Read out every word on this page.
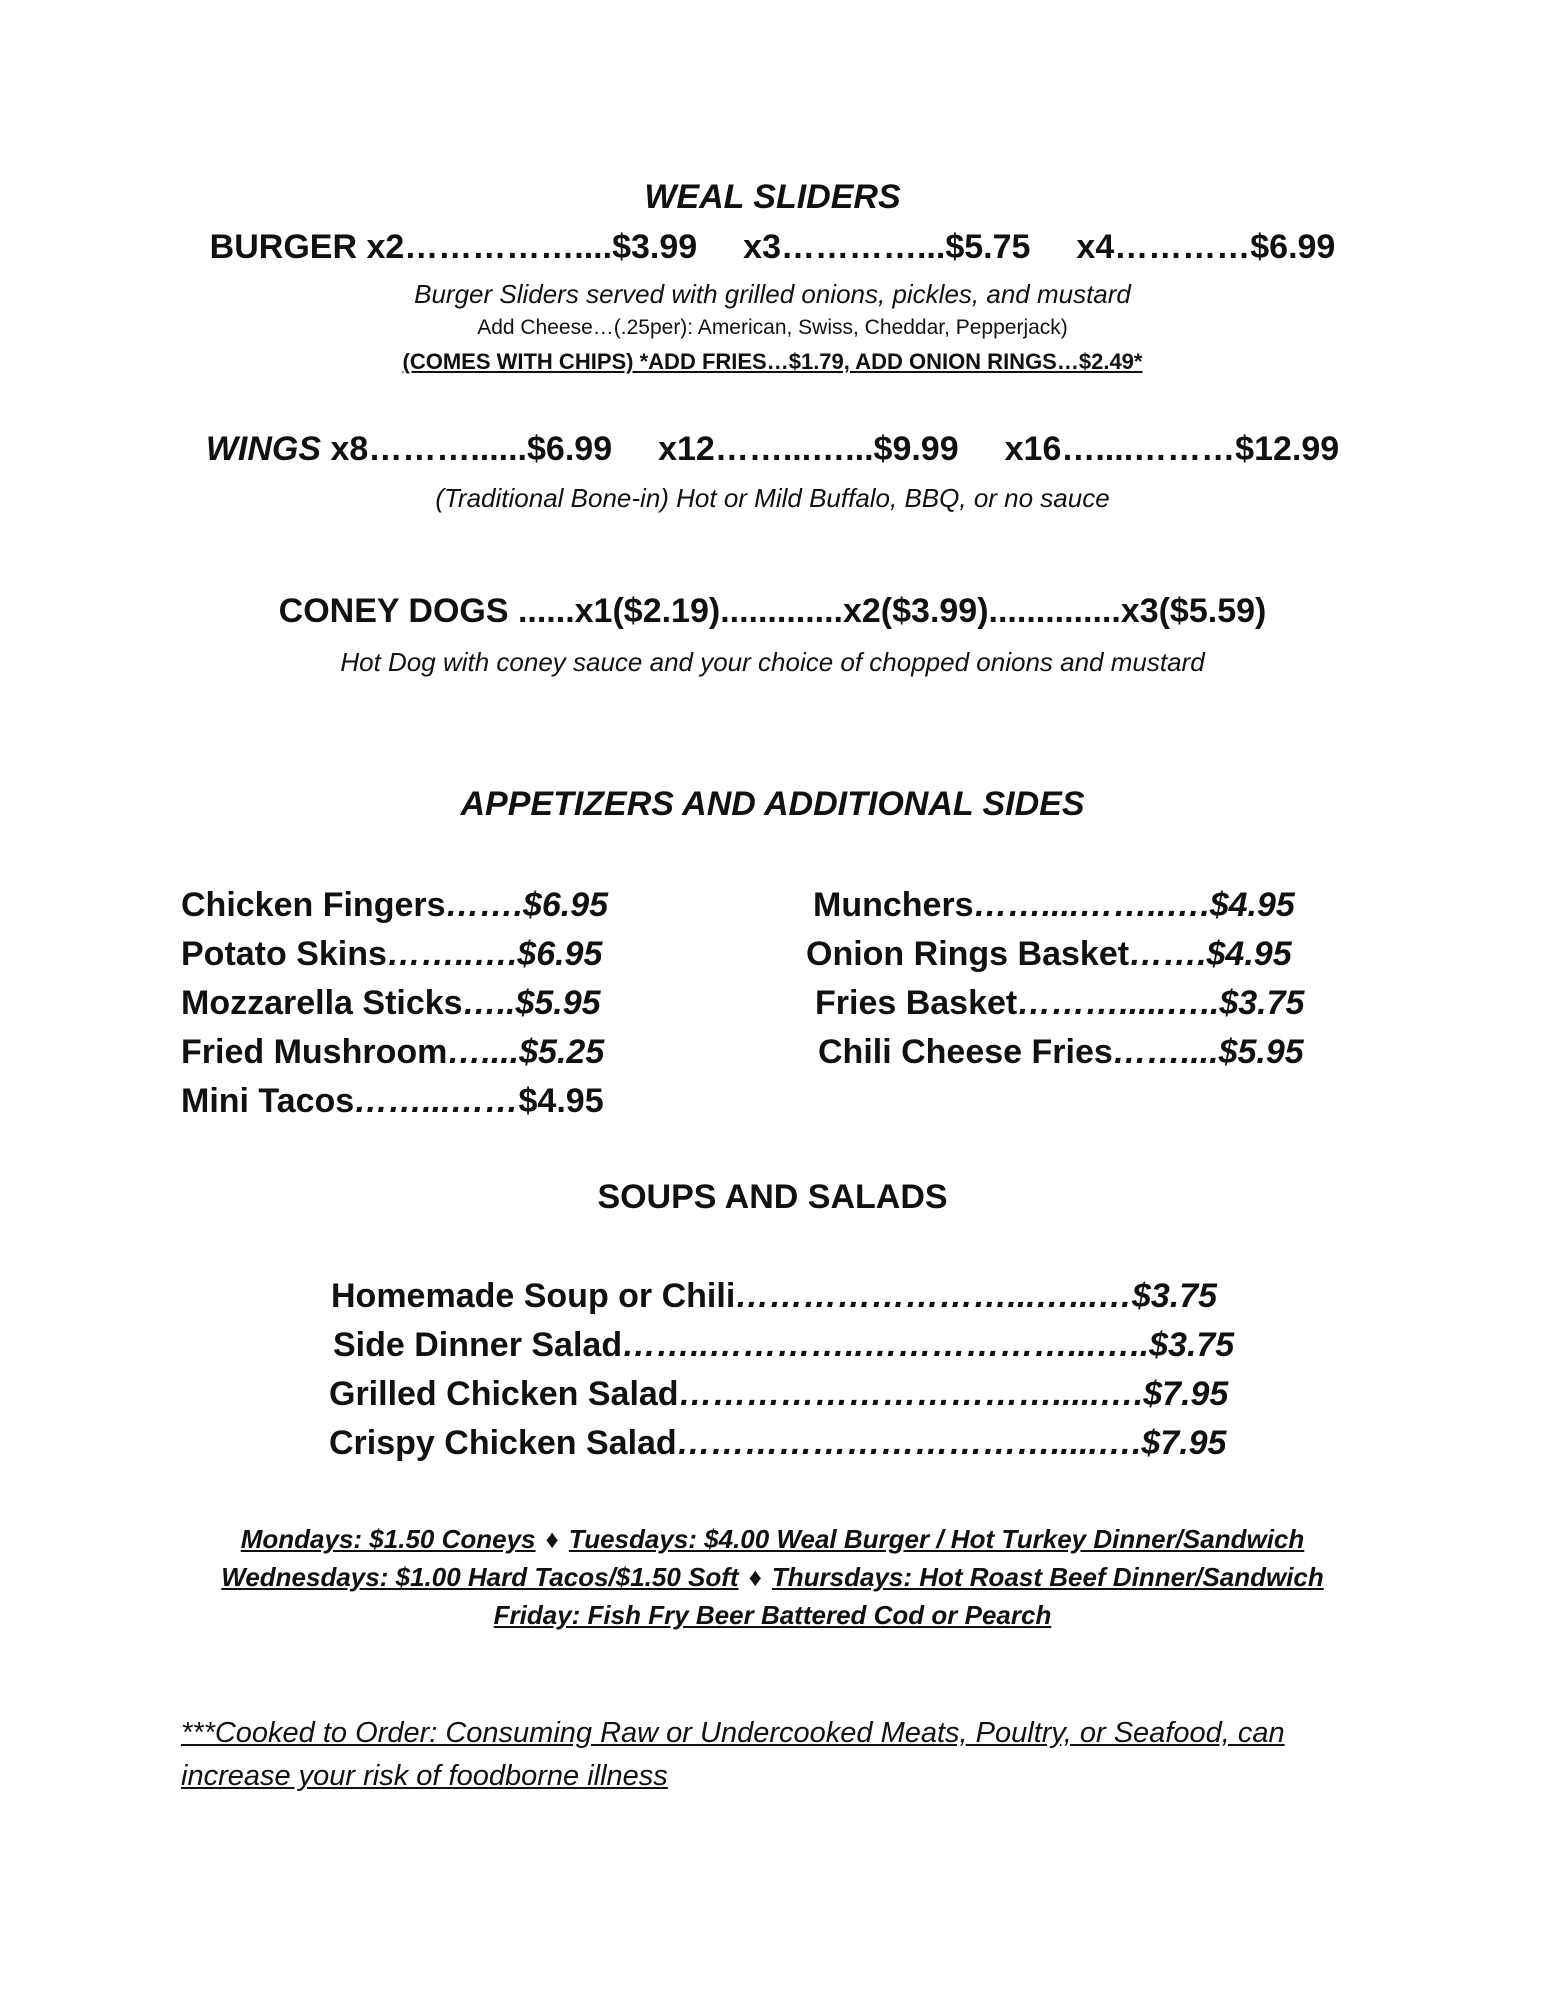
WEAL SLIDERS
BURGER x2……………....$3.99 x3…………...$5.75 x4…………$6.99
Burger Sliders served with grilled onions, pickles, and mustard
Add Cheese…(.25per): American, Swiss, Cheddar, Pepperjack)
(COMES WITH CHIPS) *ADD FRIES…$1.79, ADD ONION RINGS…$2.49*
WINGS x8………......$6.99 x12……...…...$9.99 x16…....………$12.99
(Traditional Bone-in) Hot or Mild Buffalo, BBQ, or no sauce
CONEY DOGS ......x1($2.19).............x2($3.99)..............x3($5.59)
Hot Dog with coney sauce and your choice of chopped onions and mustard
APPETIZERS AND ADDITIONAL SIDES
Chicken Fingers…….$6.95
Potato Skins……..….$6.95
Mozzarella Sticks…..$5.95
Fried Mushroom…....$5.25
Mini Tacos……...……$4.95
Munchers……....……..….$4.95
Onion Rings Basket…….$4.95
Fries Basket……….....…..$3.75
Chili Cheese Fries……....$5.95
SOUPS AND SALADS
Homemade Soup or Chili……………………...…...…$3.75
Side Dinner Salad……..…………..………………...…..$3.75
Grilled Chicken Salad…………………………….....….$7.95
Crispy Chicken Salad…………………………….....….$7.95
Mondays: $1.50 Coneys ♦ Tuesdays: $4.00 Weal Burger / Hot Turkey Dinner/Sandwich
Wednesdays: $1.00 Hard Tacos/$1.50 Soft ♦ Thursdays: Hot Roast Beef Dinner/Sandwich
Friday: Fish Fry Beer Battered Cod or Pearch
***Cooked to Order: Consuming Raw or Undercooked Meats, Poultry, or Seafood, can increase your risk of foodborne illness
